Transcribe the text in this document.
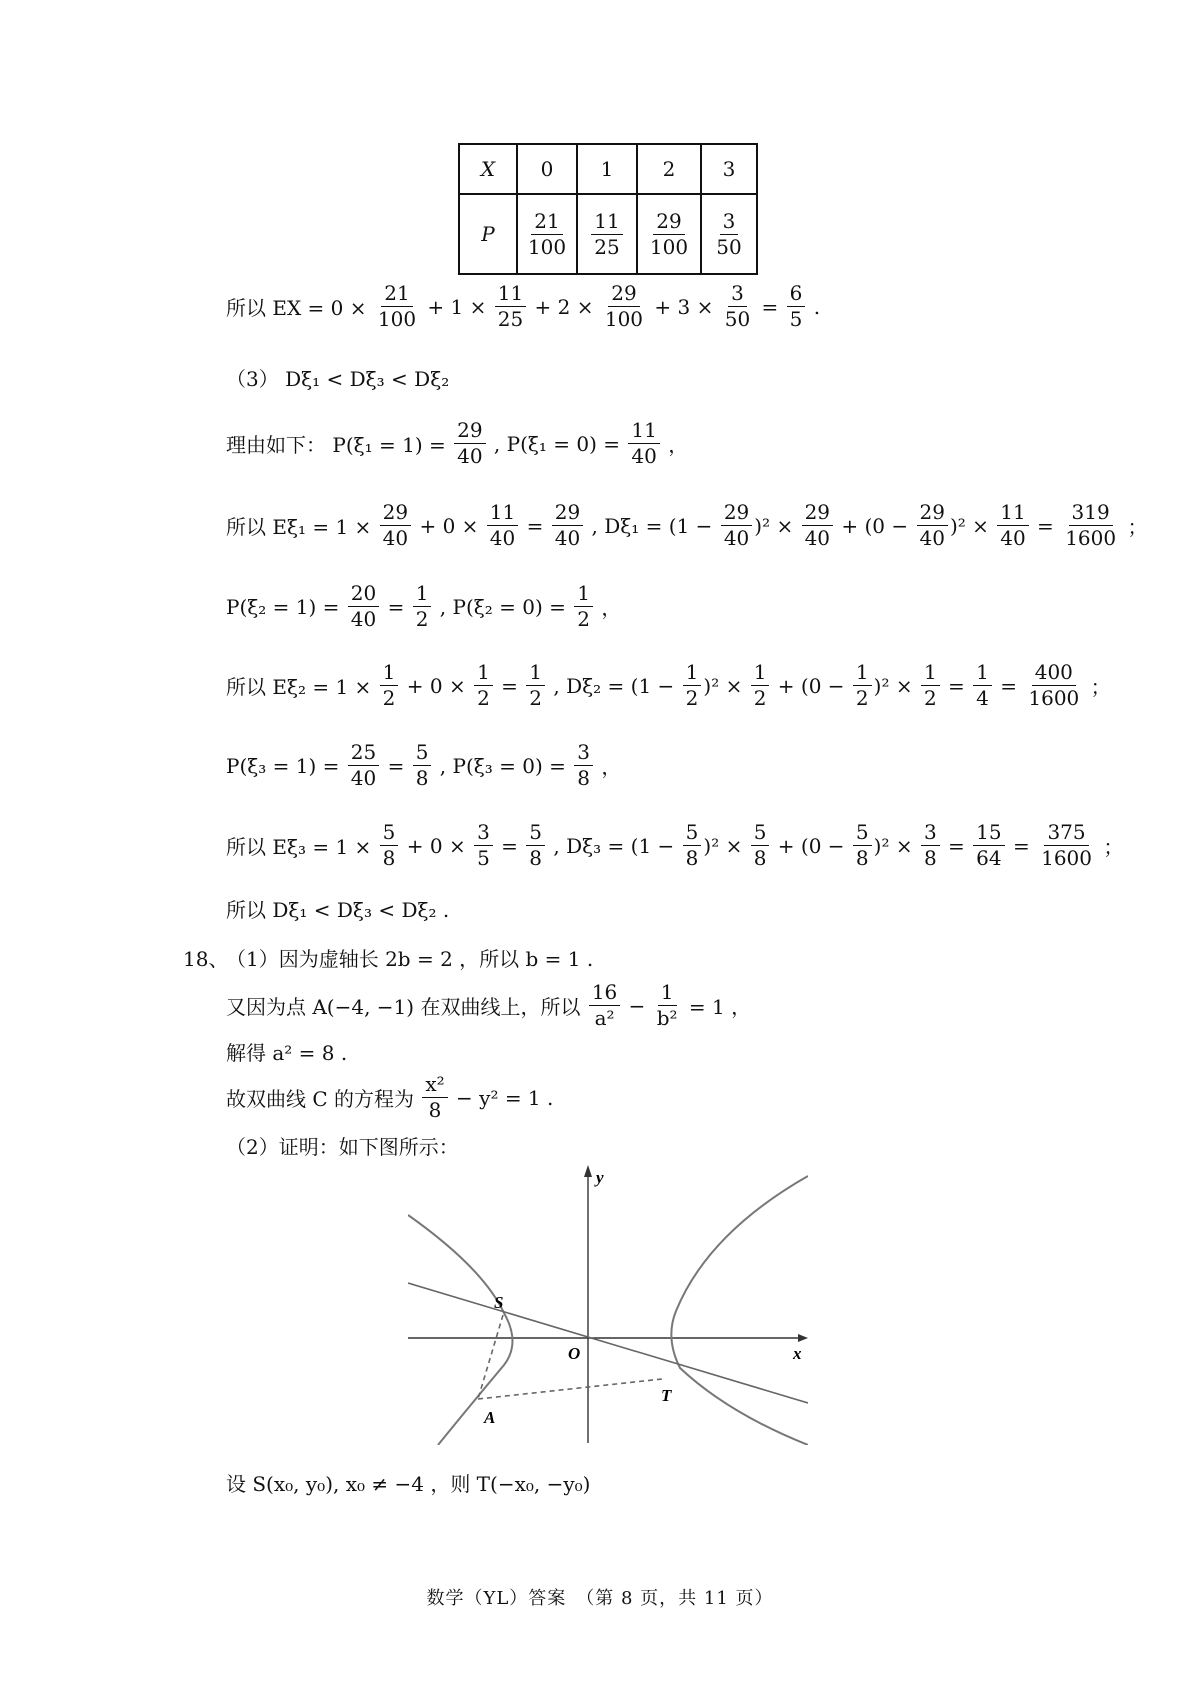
X	0	1	2	3
P	$\frac{21}{100}$	$\frac{11}{25}$	$\frac{29}{100}$	$\frac{3}{50}$
所以 EX = $0 \times \frac{21}{100} + 1 \times \frac{11}{25} + 2 \times \frac{29}{100} + 3 \times \frac{3}{50} = \frac{6}{5}$ .
（3） Dξ₁ < Dξ₃ < Dξ₂
理由如下： $P(\xi_1 = 1) = \frac{29}{40}$ , $P(\xi_1 = 0) = \frac{11}{40}$ ，
所以 $E\xi_1 = 1 \times \frac{29}{40} + 0 \times \frac{11}{40} = \frac{29}{40}$ , $D\xi_1 = (1 - \frac{29}{40} )^2 \times \frac{29}{40} + (0 - \frac{29}{40} )^2 \times \frac{11}{40} = \frac{319}{1600}$ ；
$P(\xi_2 = 1) = \frac{20}{40} = \frac{1}{2}$ , $P(\xi_2 = 0) = \frac{1}{2}$ ，
所以 $E\xi_2 = 1 \times \frac{1}{2} + 0 \times \frac{1}{2} = \frac{1}{2}$ , $D\xi_2 = (1 - \frac{1}{2} )^2 \times \frac{1}{2} + (0 - \frac{1}{2} )^2 \times \frac{1}{2} = \frac{1}{4} = \frac{400}{1600}$ ；
$P(\xi_3 = 1) = \frac{25}{40} = \frac{5}{8}$ , $P(\xi_3 = 0) = \frac{3}{8}$ ，
所以 $E\xi_3 = 1 \times \frac{5}{8} + 0 \times \frac{3}{5} = \frac{5}{8}$ , $D\xi_3 = (1 - \frac{5}{8} )^2 \times \frac{5}{8} + (0 - \frac{5}{8} )^2 \times \frac{3}{8} = \frac{15}{64} = \frac{375}{1600}$ ；
所以 Dξ₁ < Dξ₃ < Dξ₂ .
18、
（1）因为虚轴长 2b = 2 ，所以 b = 1 .
又因为点 A(−4, −1) 在双曲线上，所以 $\frac{16}{\text{a²}} - \frac{1}{\text{b²}} = 1$ ，
解得 a² = 8 .
故双曲线 C 的方程为 $\frac{\text{x²}}{8} - y^2 = 1$ .
（2）证明：如下图所示：
y
x
S
O
T
A
设 S(x₀, y₀), x₀ ≠ −4 ，则 T(−x₀, −y₀)
数学（YL）答案　（第 8 页，共 11 页）
